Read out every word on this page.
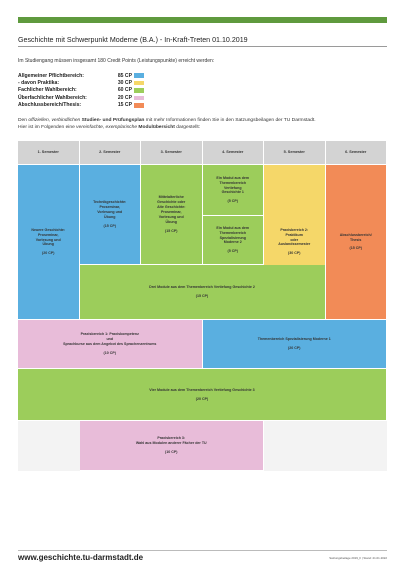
Geschichte mit Schwerpunkt Moderne (B.A.) - In-Kraft-Treten 01.10.2019
Im Studiengang müssen insgesamt 180 Credit Points (Leistungspunkte) erreicht werden:
Allgemeiner Pflichtbereich:	85 CP
- davon Praktika:	30 CP
Fachlicher Wahlbereich:	60 CP
Überfachlicher Wahlbereich:	20 CP
Abschlussbereich/Thesis:	15 CP
Den offiziellen, verbindlichen Studien- und Prüfungsplan mit mehr Informationen finden Sie in den Satzungsbeilagen der TU Darmstadt.
Hier ist im Folgenden eine vereinfachte, exemplarische Modulübersicht dargestellt:
1. Semester	2. Semester	3. Semester	4. Semester	5. Semester	6. Semester
Neuere Geschichte:
Proseminar,
Vorlesung und
Übung
(20 CP)
Technikgeschichte:
Proseminar,
Vorlesung und
Übung
(15 CP)
Mittelalterliche
Geschichte oder
Alte Geschichte:
Proseminar,
Vorlesung und
Übung
(15 CP)
Ein Modul aus dem
Themenbereich
Vertiefung
Geschichte 1
(5 CP)
Ein Modul aus dem
Themenbereich
Spezialisierung
Moderne 2
(5 CP)
Praxisbereich 2:
Praktikum
oder
Auslandssemester
(30 CP)
Abschlussbereich/
Thesis
(15 CP)
Drei Module aus dem Themenbereich Vertiefung Geschichte 2
(15 CP)
Praxisbereich 1: Praxiskompetenz
und
Sprachkurse aus dem Angebot des Sprachenzentrums
(10 CP)
Themenbereich Spezialisierung Moderne 1
(20 CP)
Vier Module aus dem Themenbereich Vertiefung Geschichte 3
(20 CP)
Praxisbereich 3:
Wahl aus Modulen anderer Fächer der TU
(10 CP)
www.geschichte.tu-darmstadt.de	Satzungsbeilage 2019_II | Stand: 21.01.2022
